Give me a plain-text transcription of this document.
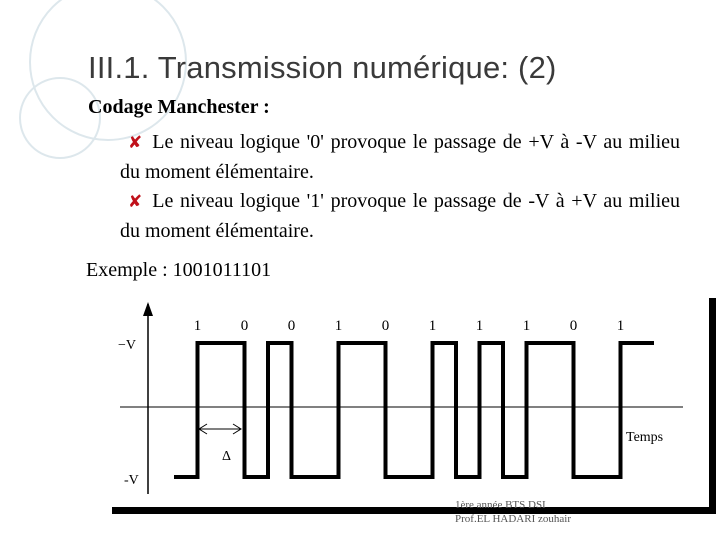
III.1. Transmission numérique: (2)
Codage Manchester :
✘ Le niveau logique '0' provoque le passage de +V à -V au milieu du moment élémentaire.
✘ Le niveau logique '1' provoque le passage de -V à +V au milieu du moment élémentaire.
Exemple : 1001011101
−V
-V
Temps
Δ
1	0	0	1	0	1	1	1	0	1
1ère année BTS DSI
Prof.EL HADARI zouhair
